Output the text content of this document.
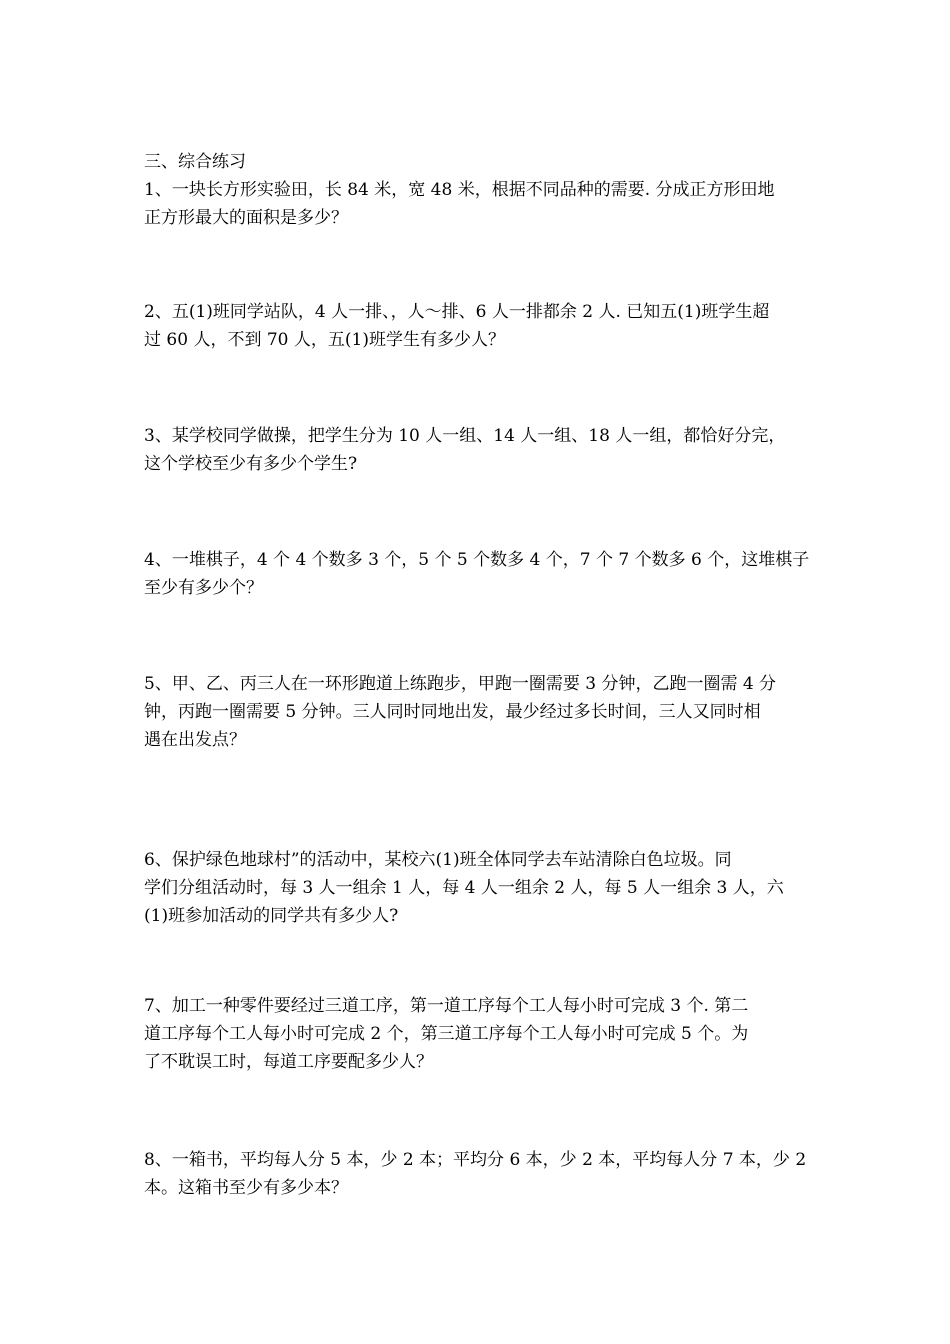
三、综合练习
1、一块长方形实验田，长 84 米，宽 48 米，根据不同品种的需要. 分成正方形田地
正方形最大的面积是多少？
2、五(1)班同学站队，4 人一排、，人～排、6 人一排都余 2 人. 已知五(1)班学生超
过 60 人，不到 70 人，五(1)班学生有多少人？
3、某学校同学做操，把学生分为 10 人一组、14 人一组、18 人一组，都恰好分完，
这个学校至少有多少个学生?
4、一堆棋子，4 个 4 个数多 3 个，5 个 5 个数多 4 个，7 个 7 个数多 6 个，这堆棋子
至少有多少个？
5、甲、乙、丙三人在一环形跑道上练跑步，甲跑一圈需要 3 分钟，乙跑一圈需 4 分
钟，丙跑一圈需要 5 分钟。三人同时同地出发，最少经过多长时间，三人又同时相
遇在出发点？
6、保护绿色地球村”的活动中，某校六(1)班全体同学去车站清除白色垃圾。同
学们分组活动时，每 3 人一组余 1 人，每 4 人一组余 2 人，每 5 人一组余 3 人，六
(1)班参加活动的同学共有多少人?
7、加工一种零件要经过三道工序，第一道工序每个工人每小时可完成 3 个. 第二
道工序每个工人每小时可完成 2 个，第三道工序每个工人每小时可完成 5 个。为
了不耽误工时，每道工序要配多少人？
8、一箱书，平均每人分 5 本，少 2 本；平均分 6 本，少 2 本，平均每人分 7 本，少 2
本。这箱书至少有多少本？
